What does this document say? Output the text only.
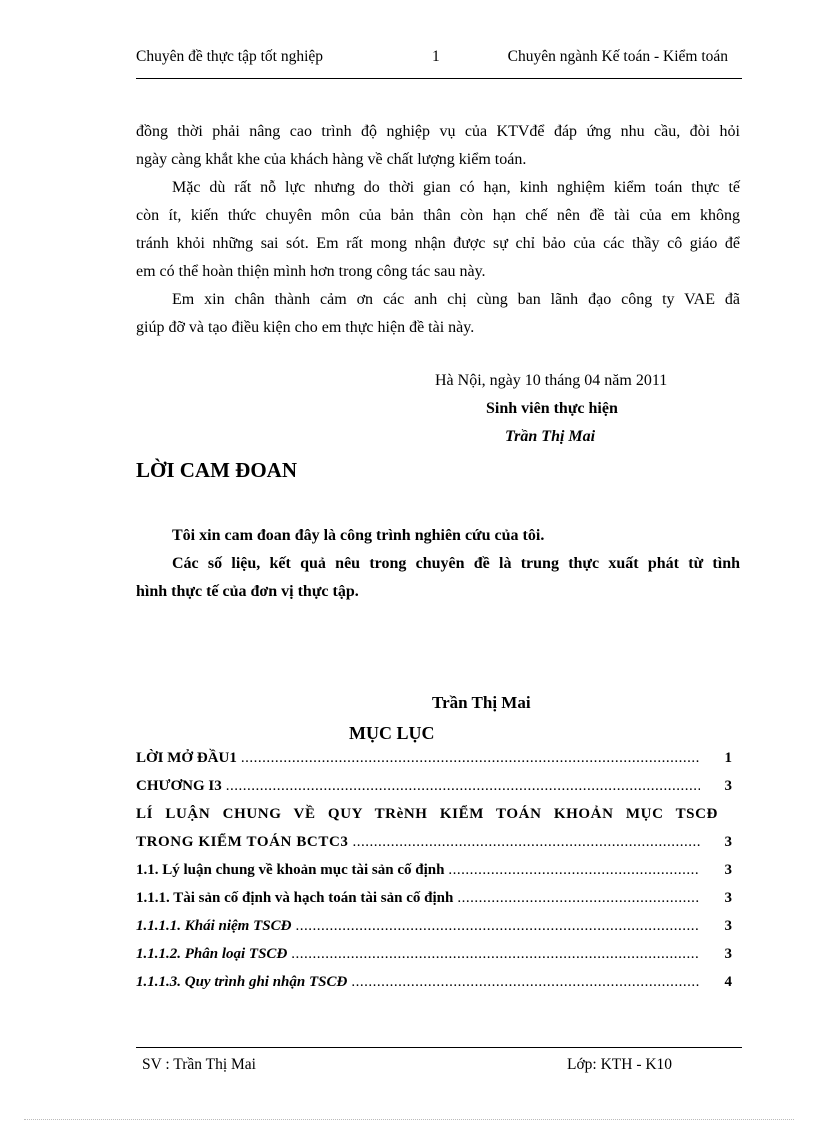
Chuyên đề thực tập tốt nghiệp	1	Chuyên ngành Kế toán - Kiểm toán
đồng thời phải nâng cao trình độ nghiệp vụ của KTVđể đáp ứng nhu cầu, đòi hỏi
ngày càng khắt khe của khách hàng về chất lượng kiểm toán.
Mặc dù rất nỗ lực nhưng do thời gian có hạn, kinh nghiệm kiểm toán thực tế
còn ít, kiến thức chuyên môn của bản thân còn hạn chế nên đề tài của em không
tránh khỏi những sai sót. Em rất mong nhận được sự chỉ bảo của các thầy cô giáo để
em có thể hoàn thiện mình hơn trong công tác sau này.
Em xin chân thành cảm ơn các anh chị cùng ban lãnh đạo công ty VAE đã
giúp đỡ và tạo điều kiện cho em thực hiện đề tài này.
Hà Nội, ngày 10 tháng 04 năm 2011
Sinh viên thực hiện
Trần Thị Mai
LỜI CAM ĐOAN
Tôi xin cam đoan đây là công trình nghiên cứu của tôi.
Các số liệu, kết quả nêu trong chuyên đề là trung thực xuất phát từ tình
hình thực tế của đơn vị thực tập.
Trần Thị Mai
MỤC LỤC
LỜI MỞ ĐẦU1 .....	1
CHƯƠNG I3 .....	3
LÍ LUẬN CHUNG VỀ QUY TRèNH KIỂM TOÁN KHOẢN MỤC TSCĐ
TRONG KIỂM TOÁN BCTC3 .....	3
1.1. Lý luận chung về khoản mục tài sản cố định .....	3
1.1.1. Tài sản cố định và hạch toán tài sản cố định .....	3
1.1.1.1. Khái niệm TSCĐ .....	3
1.1.1.2. Phân loại TSCĐ .....	3
1.1.1.3. Quy trình ghi nhận TSCĐ .....	4
SV : Trần Thị Mai	Lớp: KTH - K10
